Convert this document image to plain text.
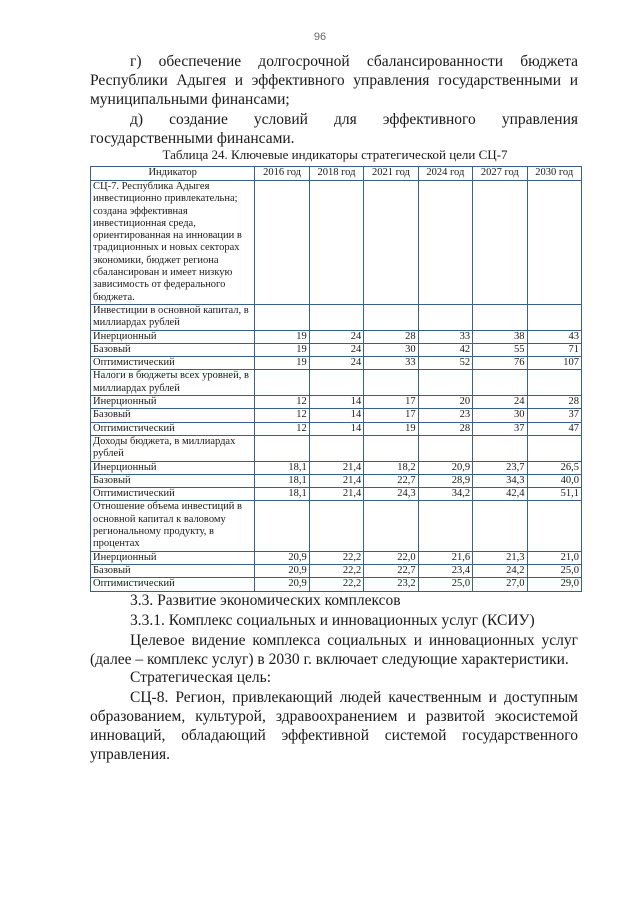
96
г) обеспечение долгосрочной сбалансированности бюджета Республики Адыгея и эффективного управления государственными и муниципальными финансами;
д) создание условий для эффективного управления государственными финансами.
Таблица 24. Ключевые индикаторы стратегической цели СЦ-7
Индикатор	2016 год	2018 год	2021 год	2024 год	2027 год	2030 год
СЦ-7. Республика Адыгея инвестиционно привлекательна; созданa эффективная инвестиционная среда, ориентированная на инновации в традиционных и новых секторах экономики, бюджет региона сбалансирован и имеет низкую зависимость от федерального бюджета.						
Инвестиции в основной капитал, в миллиардах рублей						
Инерционный	19	24	28	33	38	43
Базовый	19	24	30	42	55	71
Оптимистический	19	24	33	52	76	107
Налоги в бюджеты всех уровней, в миллиардах рублей						
Инерционный	12	14	17	20	24	28
Базовый	12	14	17	23	30	37
Оптимистический	12	14	19	28	37	47
Доходы бюджета, в миллиардах рублей						
Инерционный	18,1	21,4	18,2	20,9	23,7	26,5
Базовый	18,1	21,4	22,7	28,9	34,3	40,0
Оптимистический	18,1	21,4	24,3	34,2	42,4	51,1
Отношение объема инвестиций в основной капитал к валовому региональному продукту, в процентах						
Инерционный	20,9	22,2	22,0	21,6	21,3	21,0
Базовый	20,9	22,2	22,7	23,4	24,2	25,0
Оптимистический	20,9	22,2	23,2	25,0	27,0	29,0
3.3. Развитие экономических комплексов
3.3.1. Комплекс социальных и инновационных услуг (КСИУ)
Целевое видение комплекса социальных и инновационных услуг (далее – комплекс услуг) в 2030 г. включает следующие характеристики.
Стратегическая цель:
СЦ-8. Регион, привлекающий людей качественным и доступным образованием, культурой, здравоохранением и развитой экосистемой инноваций, обладающий эффективной системой государственного управления.
